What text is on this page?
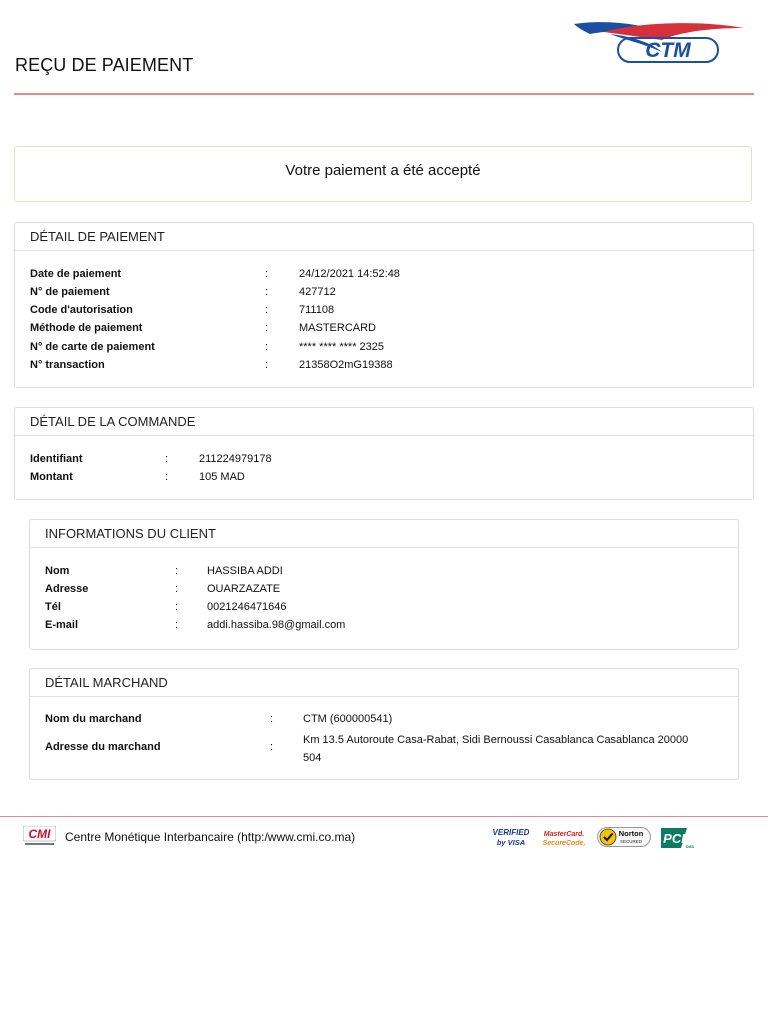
REÇU DE PAIEMENT
CTM
Votre paiement a été accepté
DÉTAIL DE PAIEMENT
Date de paiement	:	24/12/2021 14:52:48
N° de paiement	:	427712
Code d'autorisation	:	711108
Méthode de paiement	:	MASTERCARD
N° de carte de paiement	:	**** **** **** 2325
N° transaction	:	21358O2mG19388
DÉTAIL DE LA COMMANDE
Identifiant	:	211224979178
Montant	:	105 MAD
INFORMATIONS DU CLIENT
Nom	:	HASSIBA ADDI
Adresse	:	OUARZAZATE
Tél	:	0021246471646
E-mail	:	addi.hassiba.98@gmail.com
DÉTAIL MARCHAND
Nom du marchand	:	CTM (600000541)
Adresse du marchand	:
Km 13.5 Autoroute Casa-Rabat, Sidi Bernoussi Casablanca Casablanca 20000 504
CMI Centre Monétique Interbancaire (http:/www.cmi.co.ma)	VERIFIED
by VISA
MasterCard.
SecureCode.
Norton
SECURED PCI
DSS
